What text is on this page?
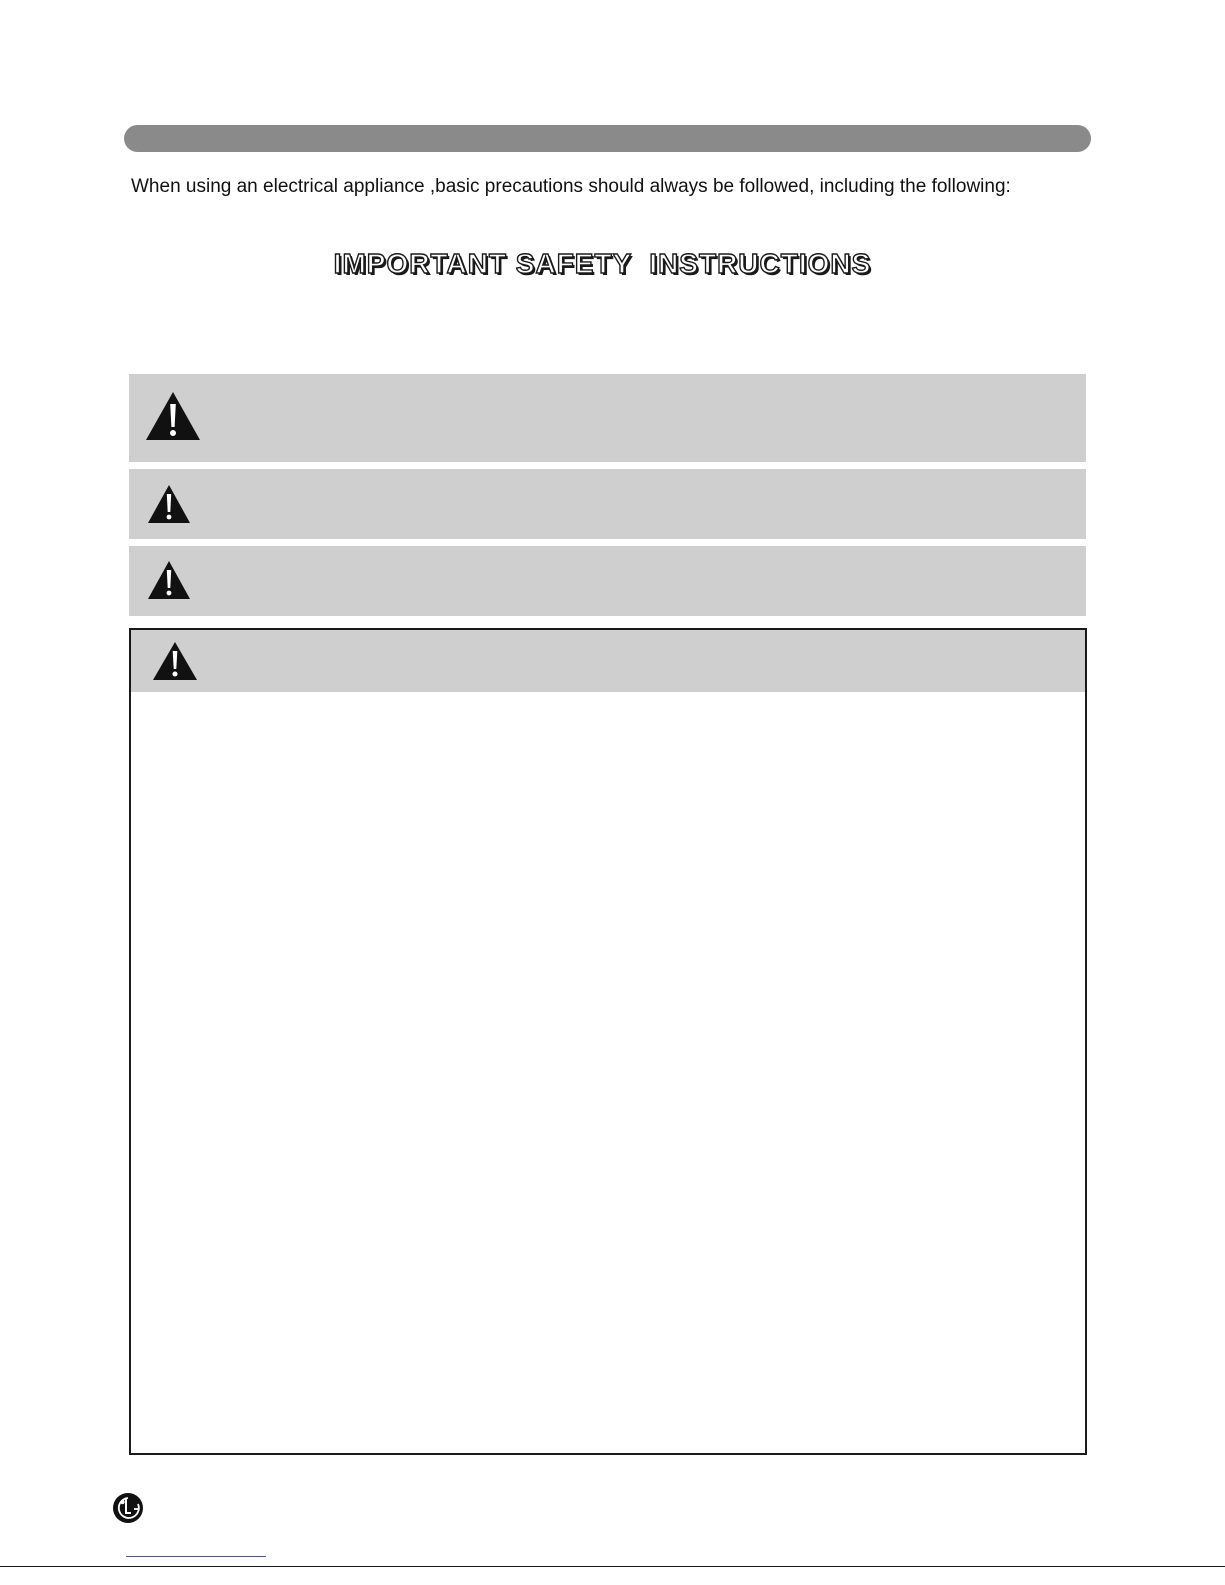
When using an electrical appliance ,basic precautions should always be followed, including the following:
IMPORTANT SAFETY  INSTRUCTIONS
